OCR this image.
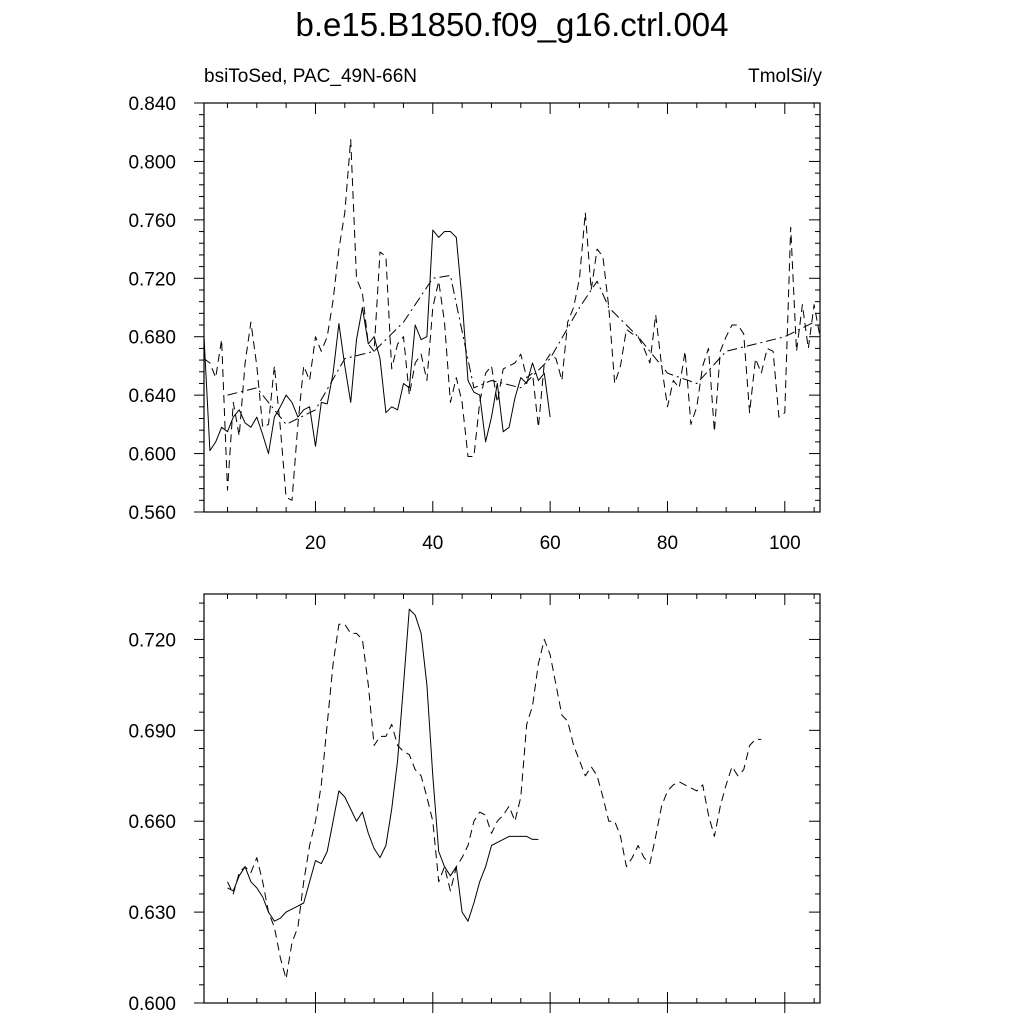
b.e15.B1850.f09_g16.ctrl.004
bsiToSed, PAC_49N-66N	TmolSi/y
20	40	60	80	100
0.560
0.600
0.640
0.680
0.720
0.760
0.800
0.840
0.600
0.630
0.660
0.690
0.720
